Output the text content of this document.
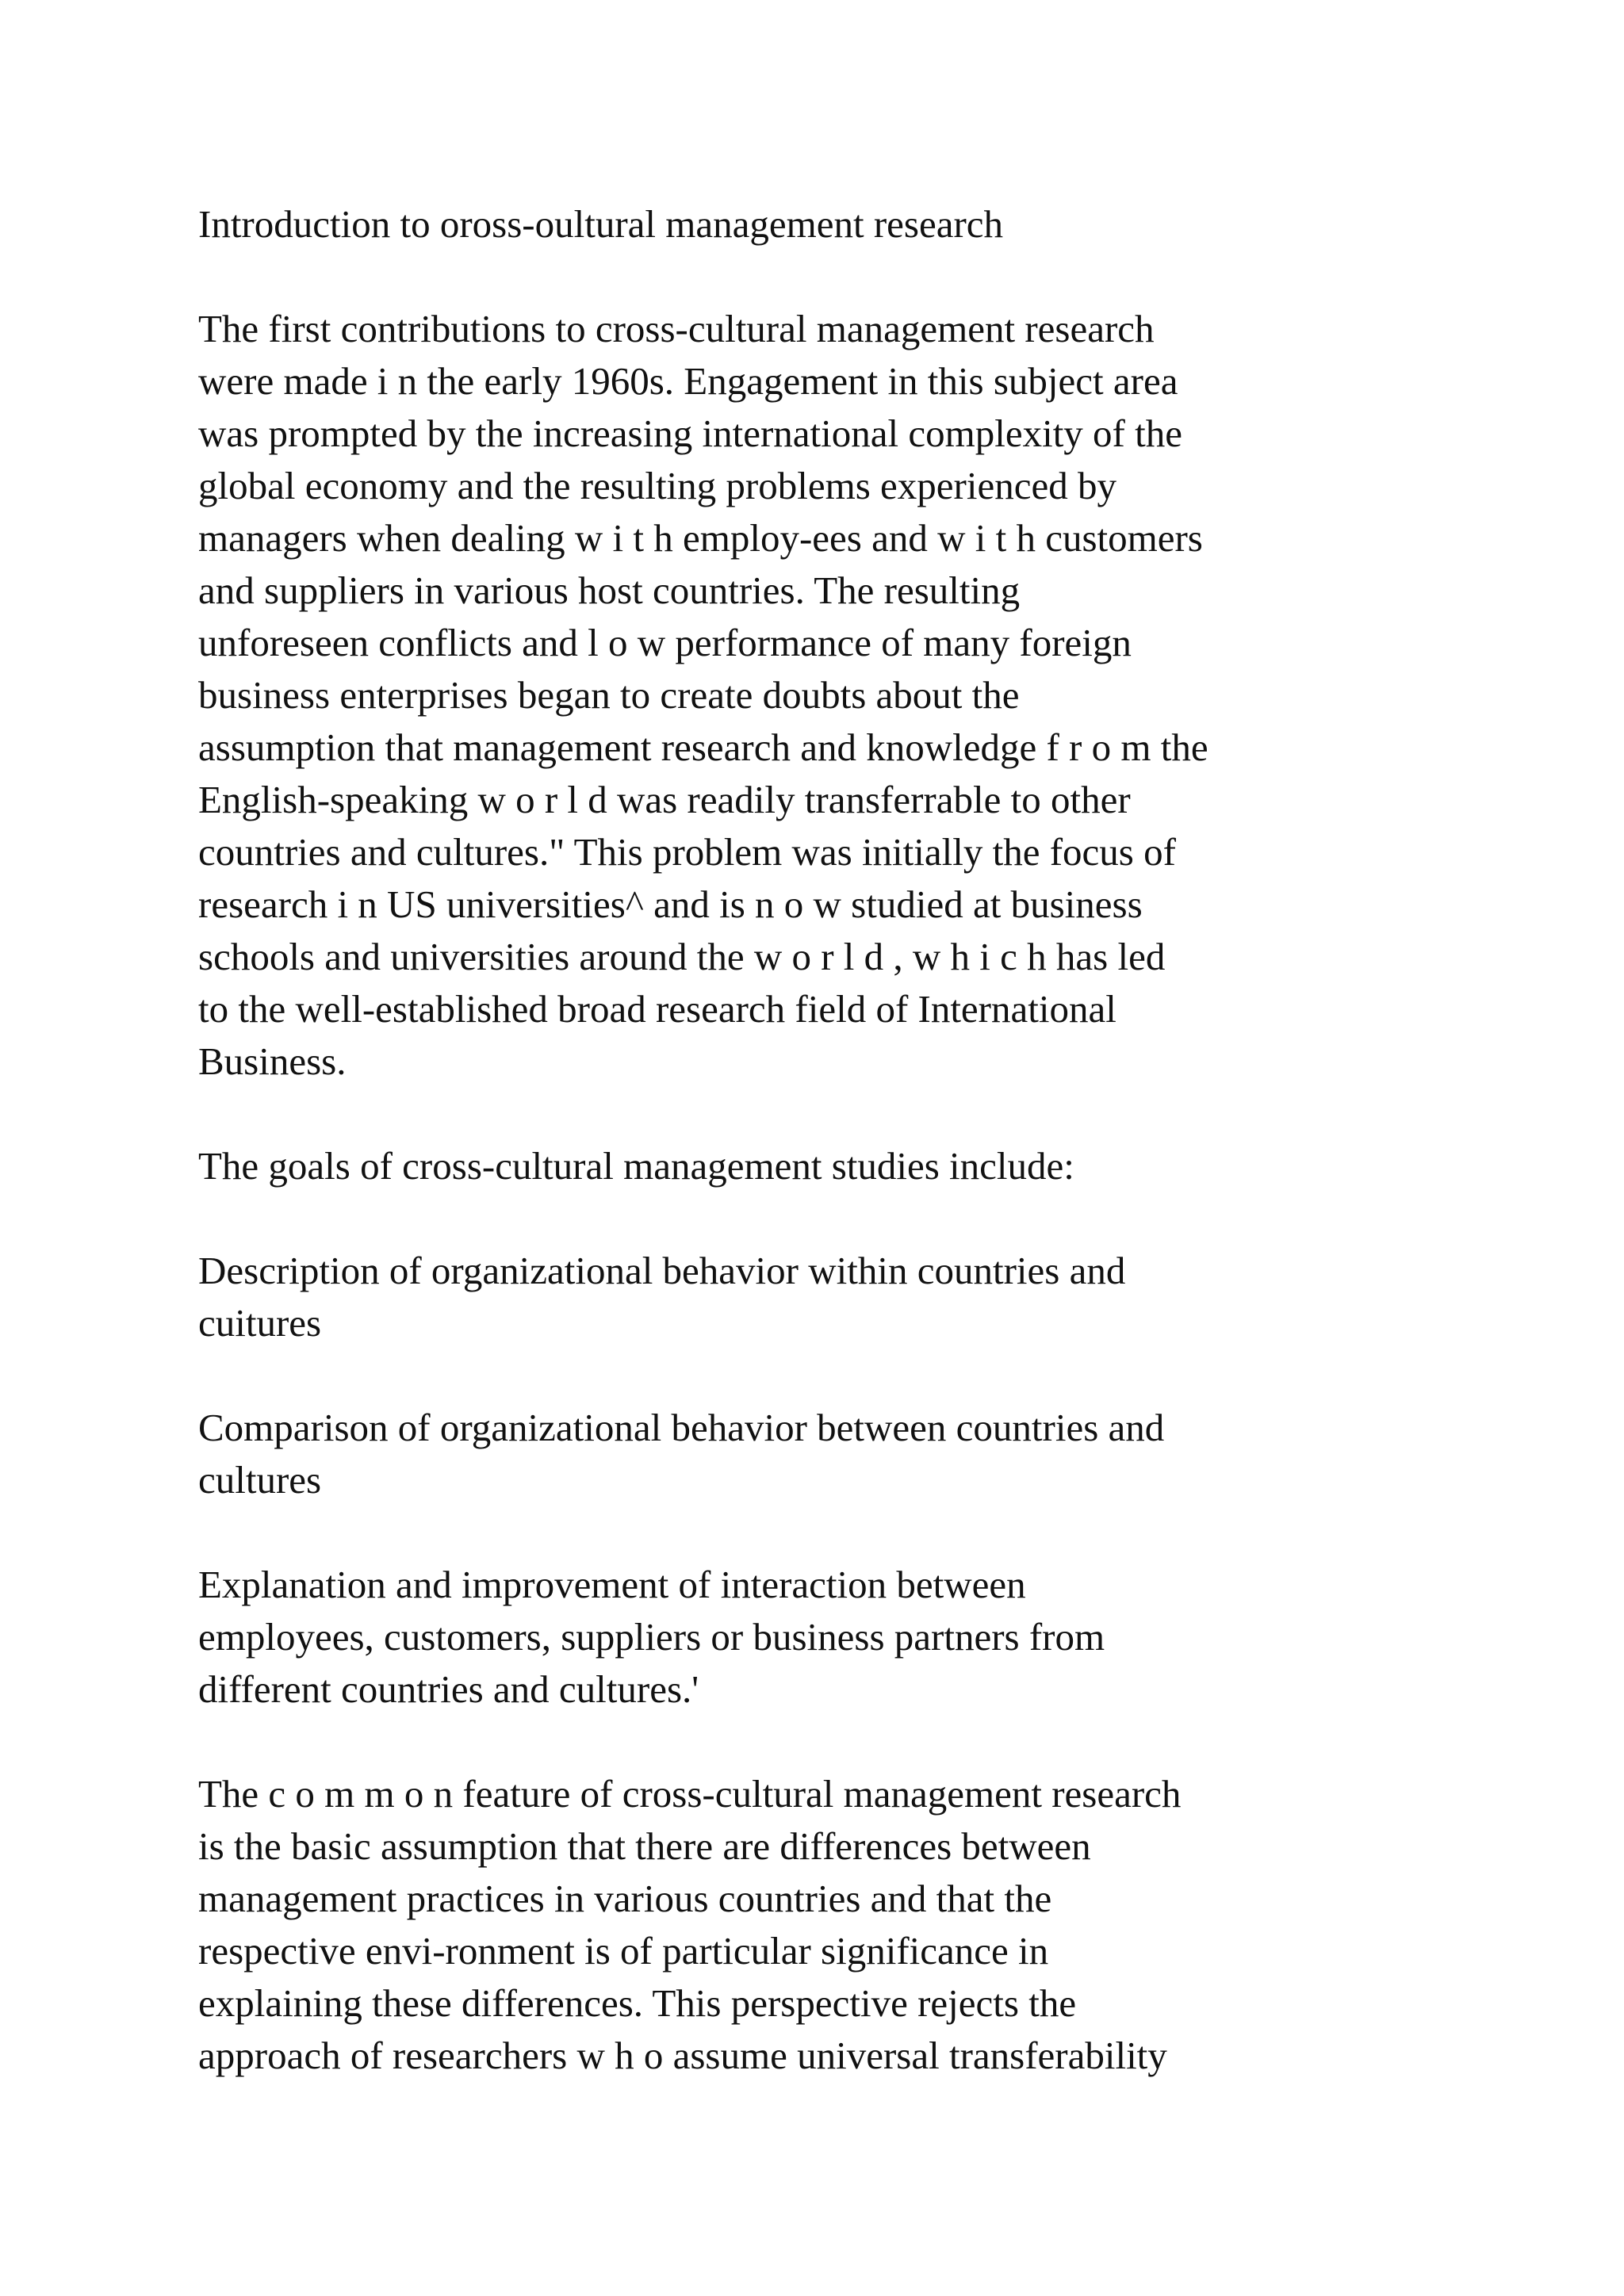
Introduction to oross-oultural management research

The first contributions to cross-cultural management research
were made i n the early 1960s. Engagement in this subject area
was prompted by the increasing international complexity of the
global economy and the resulting problems experienced by
managers when dealing w i t h employ-ees and w i t h customers
and suppliers in various host countries. The resulting
unforeseen conflicts and l o w performance of many foreign
business enterprises began to create doubts about the
assumption that management research and knowledge f r o m the
English-speaking w o r l d was readily transferrable to other
countries and cultures." This problem was initially the focus of
research i n US universities^ and is n o w studied at business
schools and universities around the w o r l d , w h i c h has led
to the well-established broad research field of International
Business.

The goals of cross-cultural management studies include:

Description of organizational behavior within countries and
cuitures

Comparison of organizational behavior between countries and
cultures

Explanation and improvement of interaction between
employees, customers, suppliers or business partners from
different countries and cultures.'

The c o m m o n feature of cross-cultural management research
is the basic assumption that there are differences between
management practices in various countries and that the
respective envi-ronment is of particular significance in
explaining these differences. This perspective rejects the
approach of researchers w h o assume universal transferability
